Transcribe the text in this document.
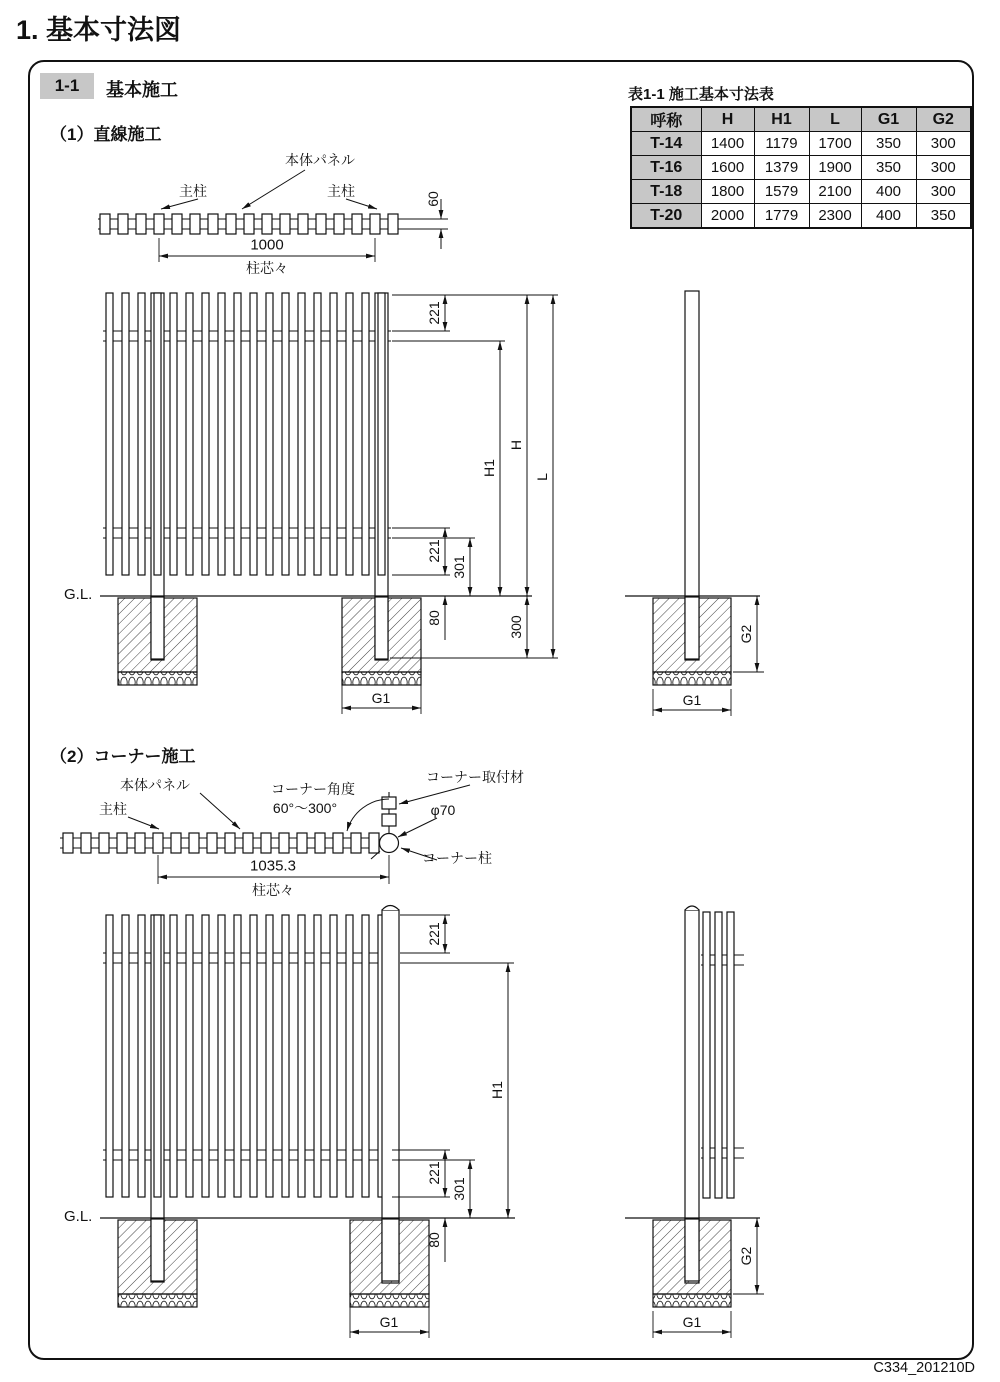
1. 基本寸法図
1-1	基本施工
（1）直線施工
（2）コーナー施工
表1-1 施工基本寸法表
呼称	H	H1	L	G1	G2
T-14	1400	1179	1700	350	300
T-16	1600	1379	1900	350	300
T-18	1800	1579	2100	400	300
T-20	2000	1779	2300	400	350
本体パネル
主柱	主柱	60
1000
柱芯々
221
H1
H
L
221
301
80	300
G.L.
G1
G2
G1
本体パネル
主柱
コーナー角度
60°～300°
コーナー取付材
φ70
コーナー柱
1035.3
柱芯々
221
H1
221
301
80
G.L.
G1
G2
G1
C334_201210D
